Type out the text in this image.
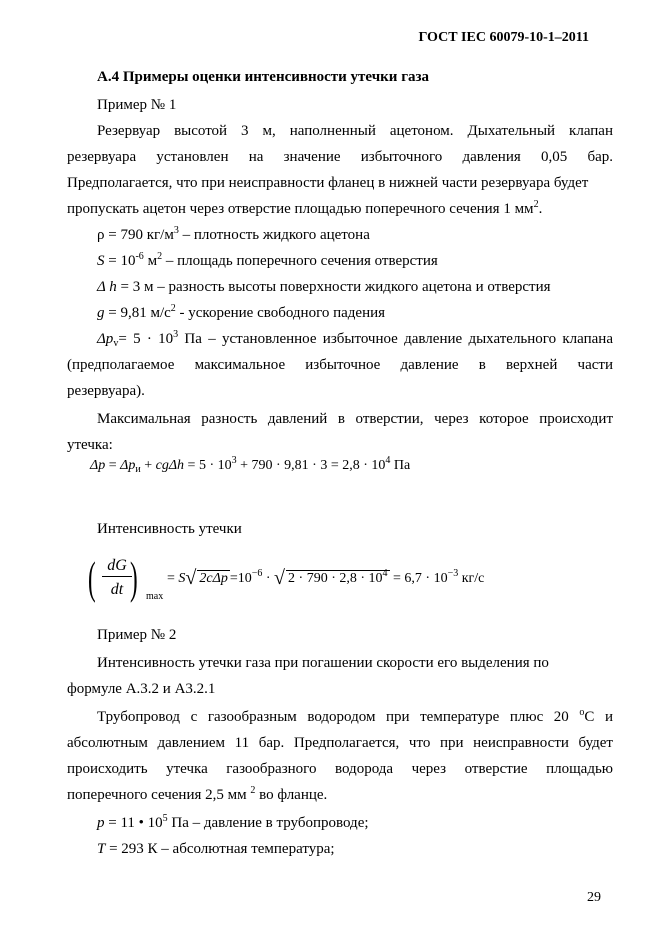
ГОСТ IEC 60079-10-1–2011
А.4 Примеры оценки интенсивности утечки газа
Пример № 1
Резервуар высотой 3 м, наполненный ацетоном. Дыхательный клапан
резервуара установлен на значение избыточного давления 0,05 бар.
Предполагается, что при неисправности фланец в нижней части резервуара будет
пропускать ацетон через отверстие площадью поперечного сечения 1 $мм^2$.
ρ = 790 $кг/м^3$ – плотность жидкого ацетона
$S = 10^{-6}$ $м^2$ – площадь поперечного сечения отверстия
Δ h = 3 м – разность высоты поверхности жидкого ацетона и отверстия
g = 9,81 $м/с^2$ - ускорение свободного падения
$\Delta p_v= 5 \cdot 10^3$ Па – установленное избыточное давление дыхательного клапана
(предполагаемое максимальное избыточное давление в верхней части
резервуара).
Максимальная разность давлений в отверстии, через которое происходит
утечка:
$\Delta p = \Delta p_и + cg\Delta h = 5 \cdot 10^3 + 790 \cdot 9,81 \cdot 3 = 2,8 \cdot 10^4$ Па
Интенсивность утечки
( $\frac{dG}{dt}$
) max
= S√ $2c\Delta p =10^{-6}$ · √ $2 \cdot 790 \cdot 2,8 \cdot 10^4 = 6,7 \cdot 10^{-3}$ кг/с
Пример № 2
Интенсивность утечки газа при погашении скорости его выделения по
формуле А.3.2 и А3.2.1
Трубопровод с газообразным водородом при температуре плюс 20 $^о$С и
абсолютным давлением 11 бар. Предполагается, что при неисправности будет
происходить утечка газообразного водорода через отверстие площадью
поперечного сечения 2,5 мм $^2$ во фланце.
p = 11 • $10^5$ Па – давление в трубопроводе;
T = 293 К – абсолютная температура;
29
